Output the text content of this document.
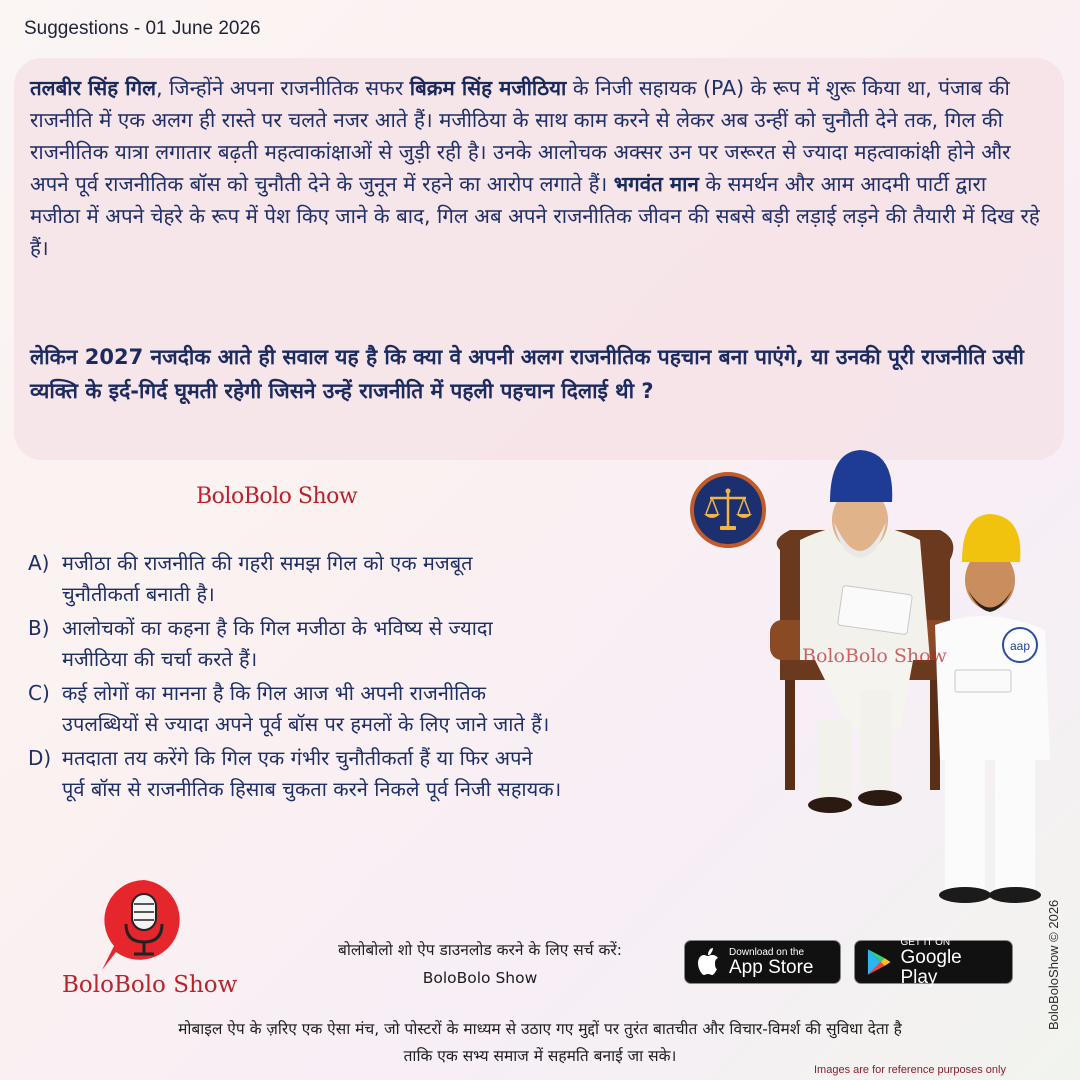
Suggestions - 01 June 2026
तलबीर सिंह गिल, जिन्होंने अपना राजनीतिक सफर बिक्रम सिंह मजीठिया के निजी सहायक (PA) के रूप में शुरू किया था, पंजाब की राजनीति में एक अलग ही रास्ते पर चलते नजर आते हैं। मजीठिया के साथ काम करने से लेकर अब उन्हीं को चुनौती देने तक, गिल की राजनीतिक यात्रा लगातार बढ़ती महत्वाकांक्षाओं से जुड़ी रही है। उनके आलोचक अक्सर उन पर जरूरत से ज्यादा महत्वाकांक्षी होने और अपने पूर्व राजनीतिक बॉस को चुनौती देने के जुनून में रहने का आरोप लगाते हैं। भगवंत मान के समर्थन और आम आदमी पार्टी द्वारा मजीठा में अपने चेहरे के रूप में पेश किए जाने के बाद, गिल अब अपने राजनीतिक जीवन की सबसे बड़ी लड़ाई लड़ने की तैयारी में दिख रहे हैं।
लेकिन 2027 नजदीक आते ही सवाल यह है कि क्या वे अपनी अलग राजनीतिक पहचान बना पाएंगे, या उनकी पूरी राजनीति उसी व्यक्ति के इर्द-गिर्द घूमती रहेगी जिसने उन्हें राजनीति में पहली पहचान दिलाई थी ?
BoloBolo Show
A) मजीठा की राजनीति की गहरी समझ गिल को एक मजबूत
चुनौतीकर्ता बनाती है।
B) आलोचकों का कहना है कि गिल मजीठा के भविष्य से ज्यादा
मजीठिया की चर्चा करते हैं।
C) कई लोगों का मानना है कि गिल आज भी अपनी राजनीतिक
उपलब्धियों से ज्यादा अपने पूर्व बॉस पर हमलों के लिए जाने जाते हैं।
D) मतदाता तय करेंगे कि गिल एक गंभीर चुनौतीकर्ता हैं या फिर अपने
पूर्व बॉस से राजनीतिक हिसाब चुकता करने निकले पूर्व निजी सहायक।
aap
BoloBolo Show
BoloBoloShow © 2026
BoloBolo Show
बोलोबोलो शो ऐप डाउनलोड करने के लिए सर्च करें:
BoloBolo Show
Download on the
App Store
GET IT ON
Google Play
मोबाइल ऐप के ज़रिए एक ऐसा मंच, जो पोस्टरों के माध्यम से उठाए गए मुद्दों पर तुरंत बातचीत और विचार-विमर्श की सुविधा देता है
ताकि एक सभ्य समाज में सहमति बनाई जा सके।
Images are for reference purposes only
